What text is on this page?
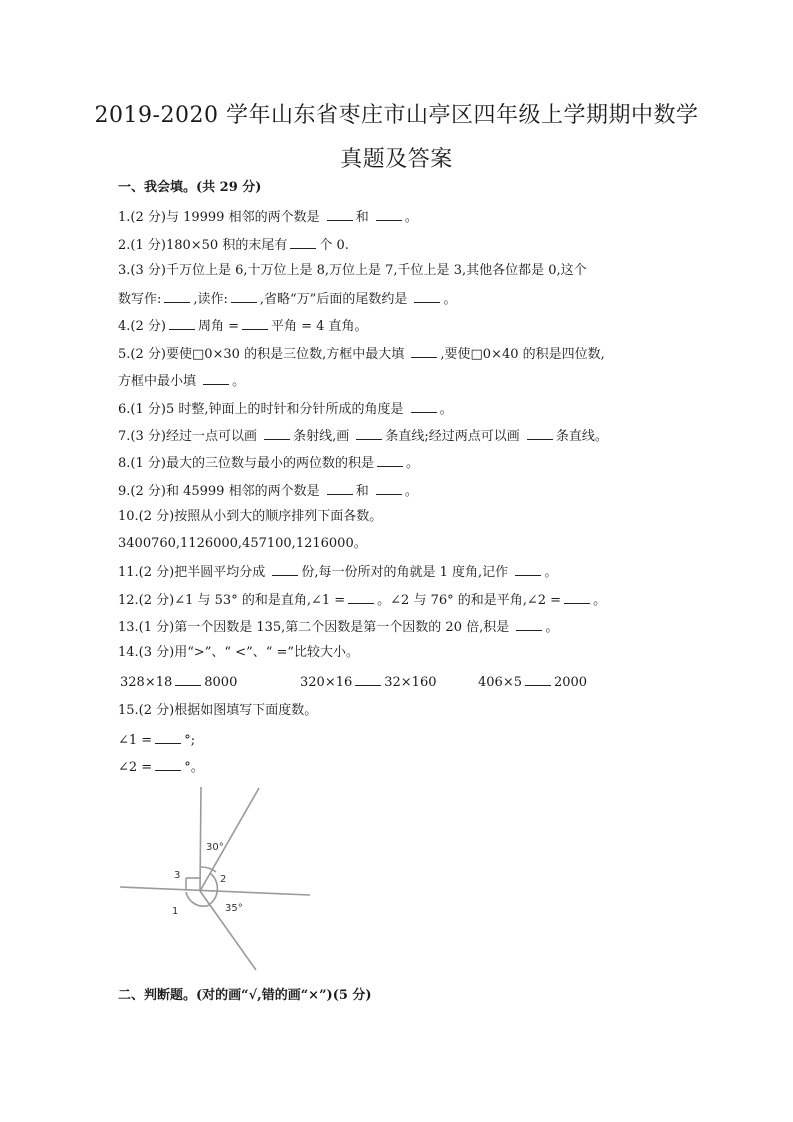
2019-2020 学年山东省枣庄市山亭区四年级上学期期中数学
真题及答案
一、我会填。(共 29 分)
1.(2 分)与 19999 相邻的两个数是	和	。
2.(1 分)180×50 积的末尾有 个 0.
3.(3 分)千万位上是 6,十万位上是 8,万位上是 7,千位上是 3,其他各位都是 0,这个
数写作: ,读作: ,省略“万”后面的尾数约是	。
4.(2 分) 周角 = 平角 = 4 直角。
5.(2 分)要使□0×30 的积是三位数,方框中最大填	,要使□0×40 的积是四位数,
方框中最小填	。
6.(1 分)5 时整,钟面上的时针和分针所成的角度是	。
7.(3 分)经过一点可以画	条射线,画	条直线;经过两点可以画	条直线。
8.(1 分)最大的三位数与最小的两位数的积是 。
9.(2 分)和 45999 相邻的两个数是	和	。
10.(2 分)按照从小到大的顺序排列下面各数。
3400760,1126000,457100,1216000。
11.(2 分)把半圆平均分成	份,每一份所对的角就是 1 度角,记作	。
12.(2 分)∠1 与 53° 的和是直角,∠1 = 。∠2 与 76° 的和是平角,∠2 = 。
13.(1 分)第一个因数是 135,第二个因数是第一个因数的 20 倍,积是	。
14.(3 分)用“>”、“ <”、“ =”比较大小。
328×18 8000	320×16 32×160	406×5 2000
15.(2 分)根据如图填写下面度数。
∠1 = °;
∠2 = °。
30°
3	2
1	35°
二、判断题。(对的画“√,错的画“×”)(5 分)
